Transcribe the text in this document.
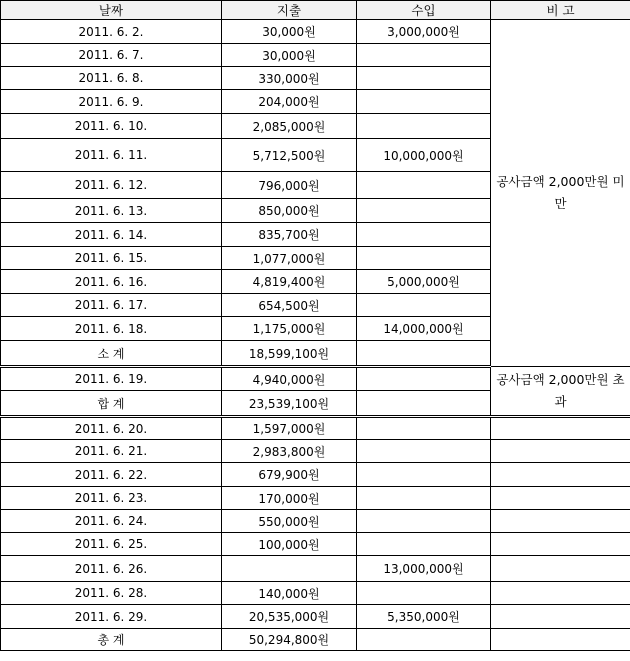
날짜	지출	수입	비 고
2011. 6. 2.	30,000원	3,000,000원	공사금액 2,000만원 미만
2011. 6. 7.	30,000원		
2011. 6. 8.	330,000원		
2011. 6. 9.	204,000원		
2011. 6. 10.	2,085,000원		
2011. 6. 11.	5,712,500원	10,000,000원	
2011. 6. 12.	796,000원		
2011. 6. 13.	850,000원		
2011. 6. 14.	835,700원		
2011. 6. 15.	1,077,000원		
2011. 6. 16.	4,819,400원	5,000,000원	
2011. 6. 17.	654,500원		
2011. 6. 18.	1,175,000원	14,000,000원	
소 계	18,599,100원		
2011. 6. 19.	4,940,000원		공사금액 2,000만원 초과
합 계	23,539,100원		
2011. 6. 20.	1,597,000원		
2011. 6. 21.	2,983,800원		
2011. 6. 22.	679,900원		
2011. 6. 23.	170,000원		
2011. 6. 24.	550,000원		
2011. 6. 25.	100,000원		
2011. 6. 26.		13,000,000원	
2011. 6. 28.	140,000원		
2011. 6. 29.	20,535,000원	5,350,000원	
총 계	50,294,800원		
